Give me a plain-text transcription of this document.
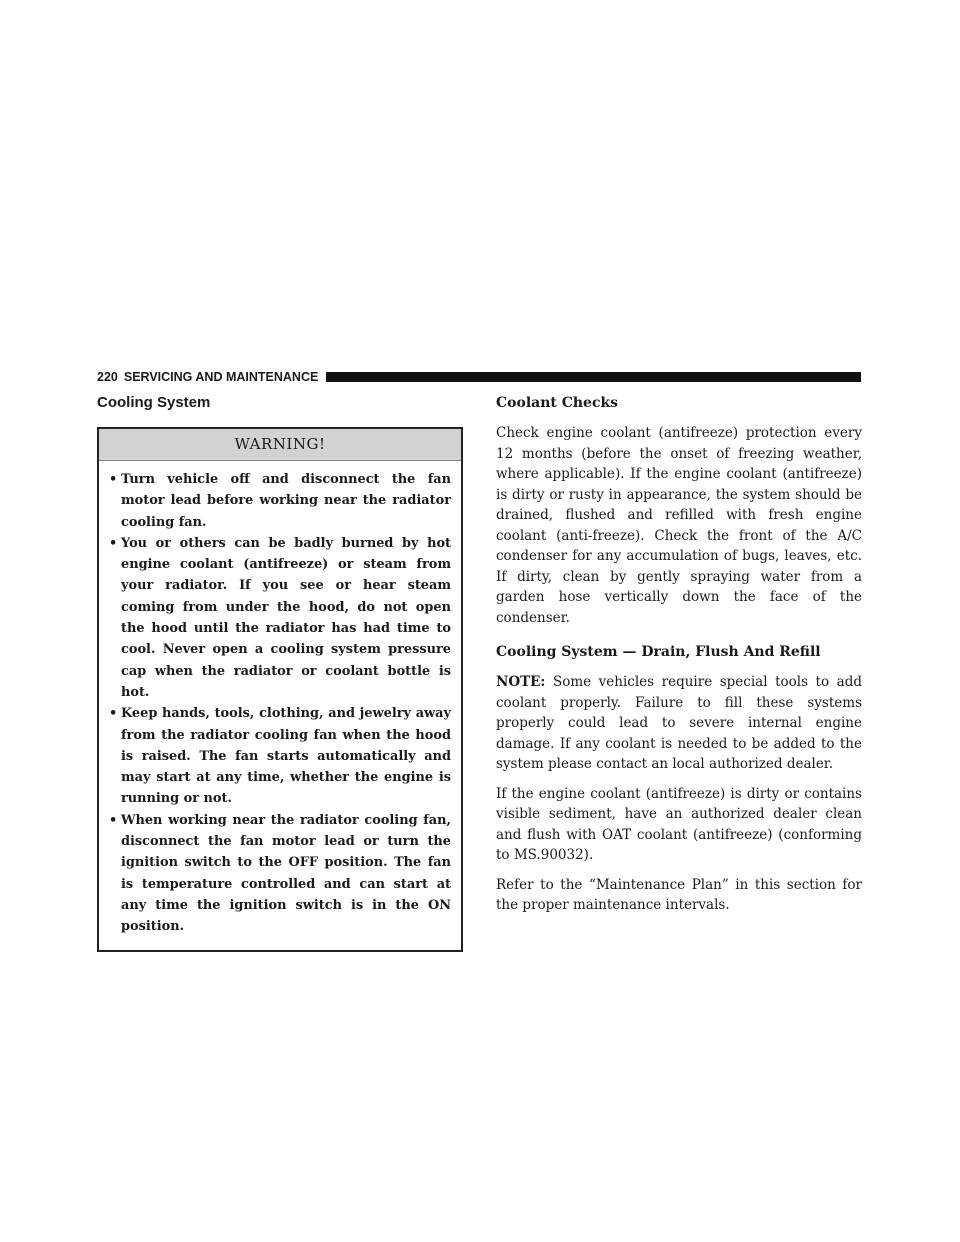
220 SERVICING AND MAINTENANCE
Cooling System
WARNING!
• Turn vehicle off and disconnect the fan motor lead before working near the radiator cooling fan.
• You or others can be badly burned by hot engine coolant (antifreeze) or steam from your radiator. If you see or hear steam coming from under the hood, do not open the hood until the radiator has had time to cool. Never open a cooling system pressure cap when the radiator or coolant bottle is hot.
• Keep hands, tools, clothing, and jewelry away from the radiator cooling fan when the hood is raised. The fan starts automatically and may start at any time, whether the engine is running or not.
• When working near the radiator cooling fan, disconnect the fan motor lead or turn the ignition switch to the OFF position. The fan is temperature controlled and can start at any time the ignition switch is in the ON position.
Coolant Checks

Check engine coolant (antifreeze) protection every 12 months (before the onset of freezing weather, where applicable). If the engine coolant (antifreeze) is dirty or rusty in appearance, the system should be drained, flushed and refilled with fresh engine coolant (anti-freeze). Check the front of the A/C condenser for any accumulation of bugs, leaves, etc. If dirty, clean by gently spraying water from a garden hose vertically down the face of the condenser.

Cooling System — Drain, Flush And Refill

NOTE: Some vehicles require special tools to add coolant properly. Failure to fill these systems properly could lead to severe internal engine damage. If any coolant is needed to be added to the system please contact an local authorized dealer.

If the engine coolant (antifreeze) is dirty or contains visible sediment, have an authorized dealer clean and flush with OAT coolant (antifreeze) (conforming to MS.90032).

Refer to the “Maintenance Plan” in this section for the proper maintenance intervals.
